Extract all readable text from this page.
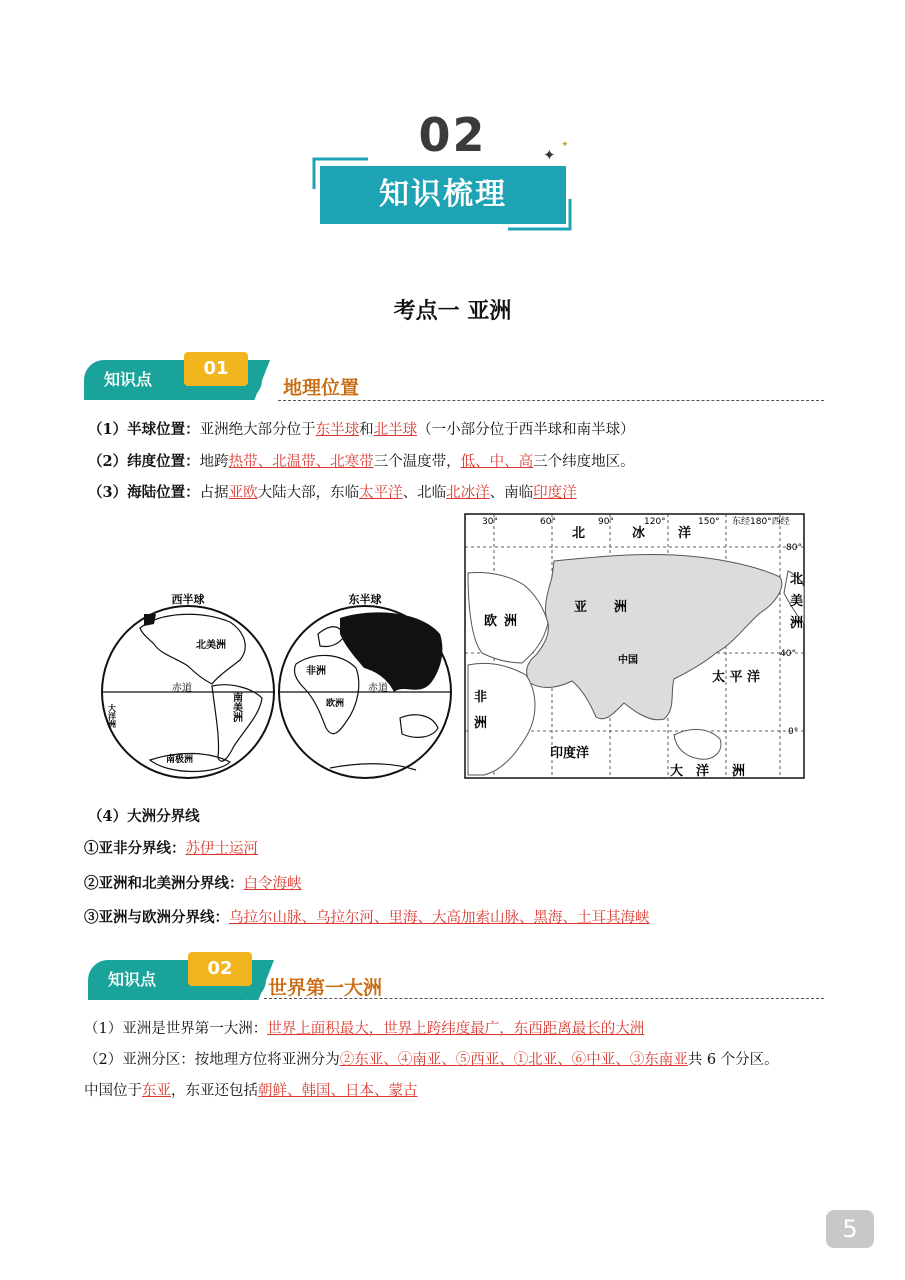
02
知识梳理
✦
✦
考点一 亚洲
知识点
01
地理位置
（1）半球位置：亚洲绝大部分位于东半球和北半球（一小部分位于西半球和南半球）
（2）纬度位置：地跨热带、北温带、北寒带三个温度带，低、中、高三个纬度地区。
（3）海陆位置：占据亚欧大陆大部，东临太平洋、北临北冰洋、南临印度洋
西半球	东半球
北美洲
赤道
南美洲
南极洲
大洋洲
非洲
赤道
欧洲
30°	60°	90°	120°	150° 东经180°西经
80°
40°
0°
北	冰	洋
亚 洲
欧 洲
非
洲
中国
太 平 洋
北
美
洲
印度洋
大 洋 洲
（4）大洲分界线
①亚非分界线：苏伊士运河
②亚洲和北美洲分界线：白令海峡
③亚洲与欧洲分界线：乌拉尔山脉、乌拉尔河、里海、大高加索山脉、黑海、土耳其海峡
知识点
02
世界第一大洲
（1）亚洲是世界第一大洲：世界上面积最大，世界上跨纬度最广，东西距离最长的大洲
（2）亚洲分区：按地理方位将亚洲分为②东亚、④南亚、⑤西亚、①北亚、⑥中亚、③东南亚共 6 个分区。
中国位于东亚，东亚还包括朝鲜、韩国、日本、蒙古
5
